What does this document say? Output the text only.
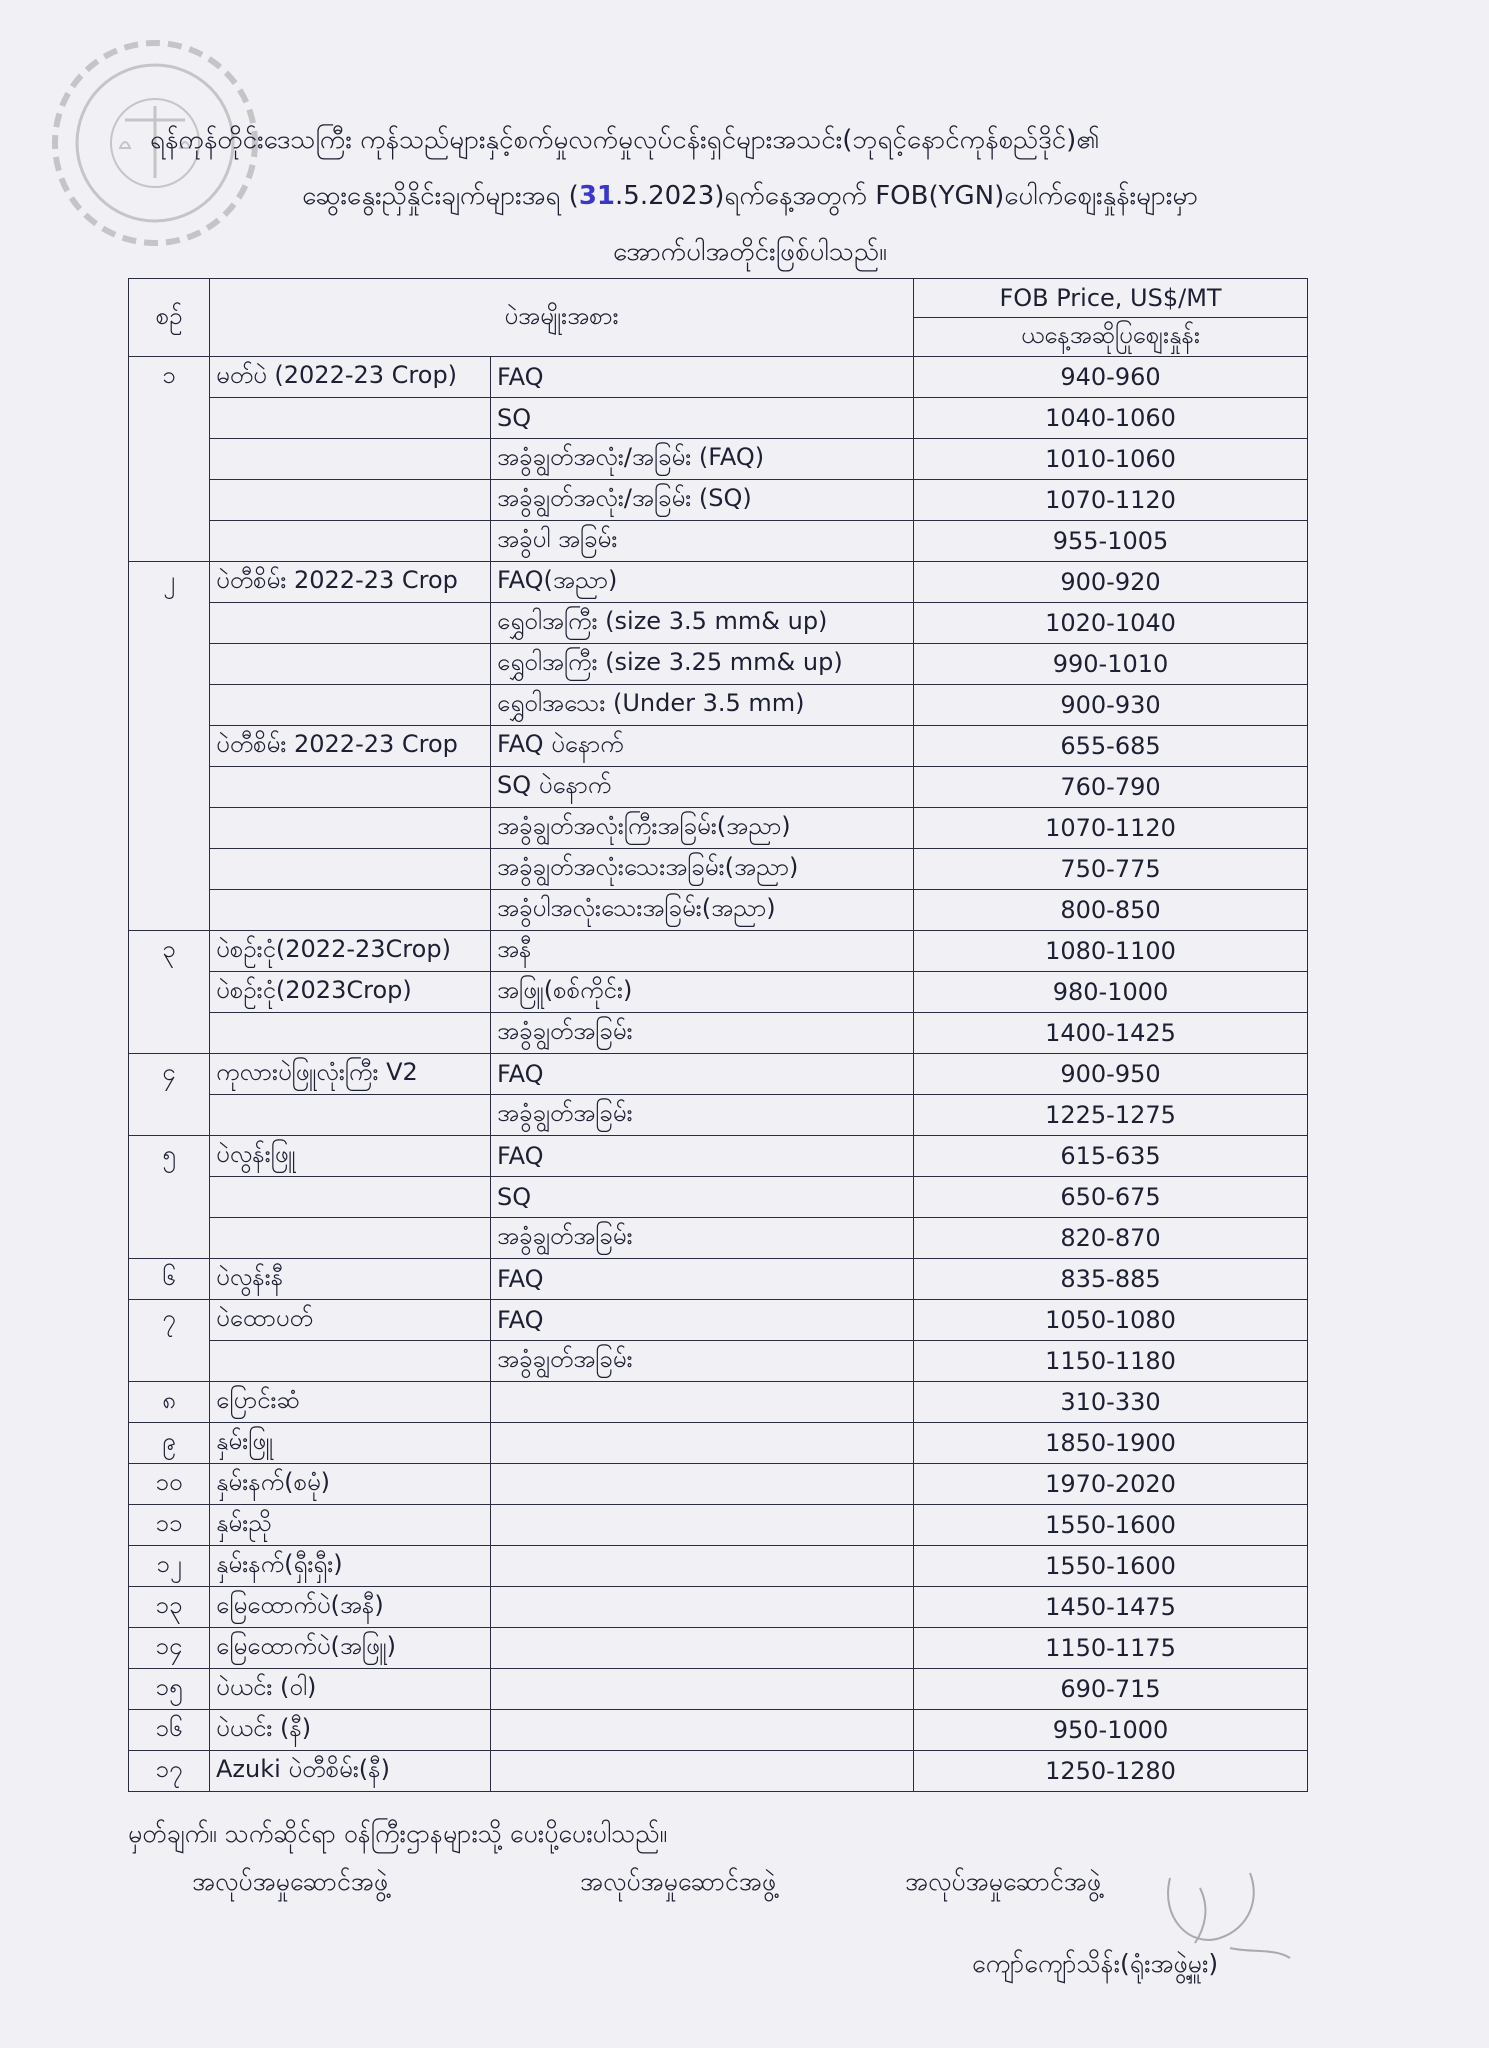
ရန်ကုန်တိုင်းဒေသကြီး ကုန်သည်များနှင့်စက်မှုလက်မှုလုပ်ငန်းရှင်များအသင်း(ဘုရင့်နောင်ကုန်စည်ဒိုင်)၏
ဆွေးနွေးညှိနှိုင်းချက်များအရ (31.5.2023)ရက်နေ့အတွက် FOB(YGN)ပေါက်စျေးနှုန်းများမှာ
အောက်ပါအတိုင်းဖြစ်ပါသည်။
စဉ်	ပဲအမျိုးအစား		FOB Price, US$/MT
			ယနေ့အဆိုပြုစျေးနှုန်း
၁	မတ်ပဲ (2022-23 Crop)	FAQ	940-960
		SQ	1040-1060
		အခွံချွတ်အလုံး/အခြမ်း (FAQ)	1010-1060
		အခွံချွတ်အလုံး/အခြမ်း (SQ)	1070-1120
		အခွံပါ အခြမ်း	955-1005
၂	ပဲတီစိမ်း 2022-23 Crop	FAQ(အညာ)	900-920
		ရွှေဝါအကြီး (size 3.5 mm& up)	1020-1040
		ရွှေဝါအကြီး (size 3.25 mm& up)	990-1010
		ရွှေဝါအသေး (Under 3.5 mm)	900-930
	ပဲတီစိမ်း 2022-23 Crop	FAQ ပဲနောက်	655-685
		SQ ပဲနောက်	760-790
		အခွံချွတ်အလုံးကြီးအခြမ်း(အညာ)	1070-1120
		အခွံချွတ်အလုံးသေးအခြမ်း(အညာ)	750-775
		အခွံပါအလုံးသေးအခြမ်း(အညာ)	800-850
၃	ပဲစဉ်းငုံ(2022-23Crop)	အနီ	1080-1100
	ပဲစဉ်းငုံ(2023Crop)	အဖြူ(စစ်ကိုင်း)	980-1000
		အခွံချွတ်အခြမ်း	1400-1425
၄	ကုလားပဲဖြူလုံးကြီး V2	FAQ	900-950
		အခွံချွတ်အခြမ်း	1225-1275
၅	ပဲလွန်းဖြူ	FAQ	615-635
		SQ	650-675
		အခွံချွတ်အခြမ်း	820-870
၆	ပဲလွန်းနီ	FAQ	835-885
၇	ပဲထောပတ်	FAQ	1050-1080
		အခွံချွတ်အခြမ်း	1150-1180
၈	ပြောင်းဆံ		310-330
၉	နှမ်းဖြူ		1850-1900
၁၀	နှမ်းနက်(စမုံ)		1970-2020
၁၁	နှမ်းညို		1550-1600
၁၂	နှမ်းနက်(ရှီးရှီး)		1550-1600
၁၃	မြေထောက်ပဲ(အနီ)		1450-1475
၁၄	မြေထောက်ပဲ(အဖြူ)		1150-1175
၁၅	ပဲယင်း (ဝါ)		690-715
၁၆	ပဲယင်း (နီ)		950-1000
၁၇	Azuki ပဲတီစိမ်း(နီ)		1250-1280
မှတ်ချက်။ သက်ဆိုင်ရာ ဝန်ကြီးဌာနများသို့ ပေးပို့ပေးပါသည်။
အလုပ်အမှုဆောင်အဖွဲ့	အလုပ်အမှုဆောင်အဖွဲ့	အလုပ်အမှုဆောင်အဖွဲ့
ကျော်ကျော်သိန်း(ရုံးအဖွဲ့မှူး)
